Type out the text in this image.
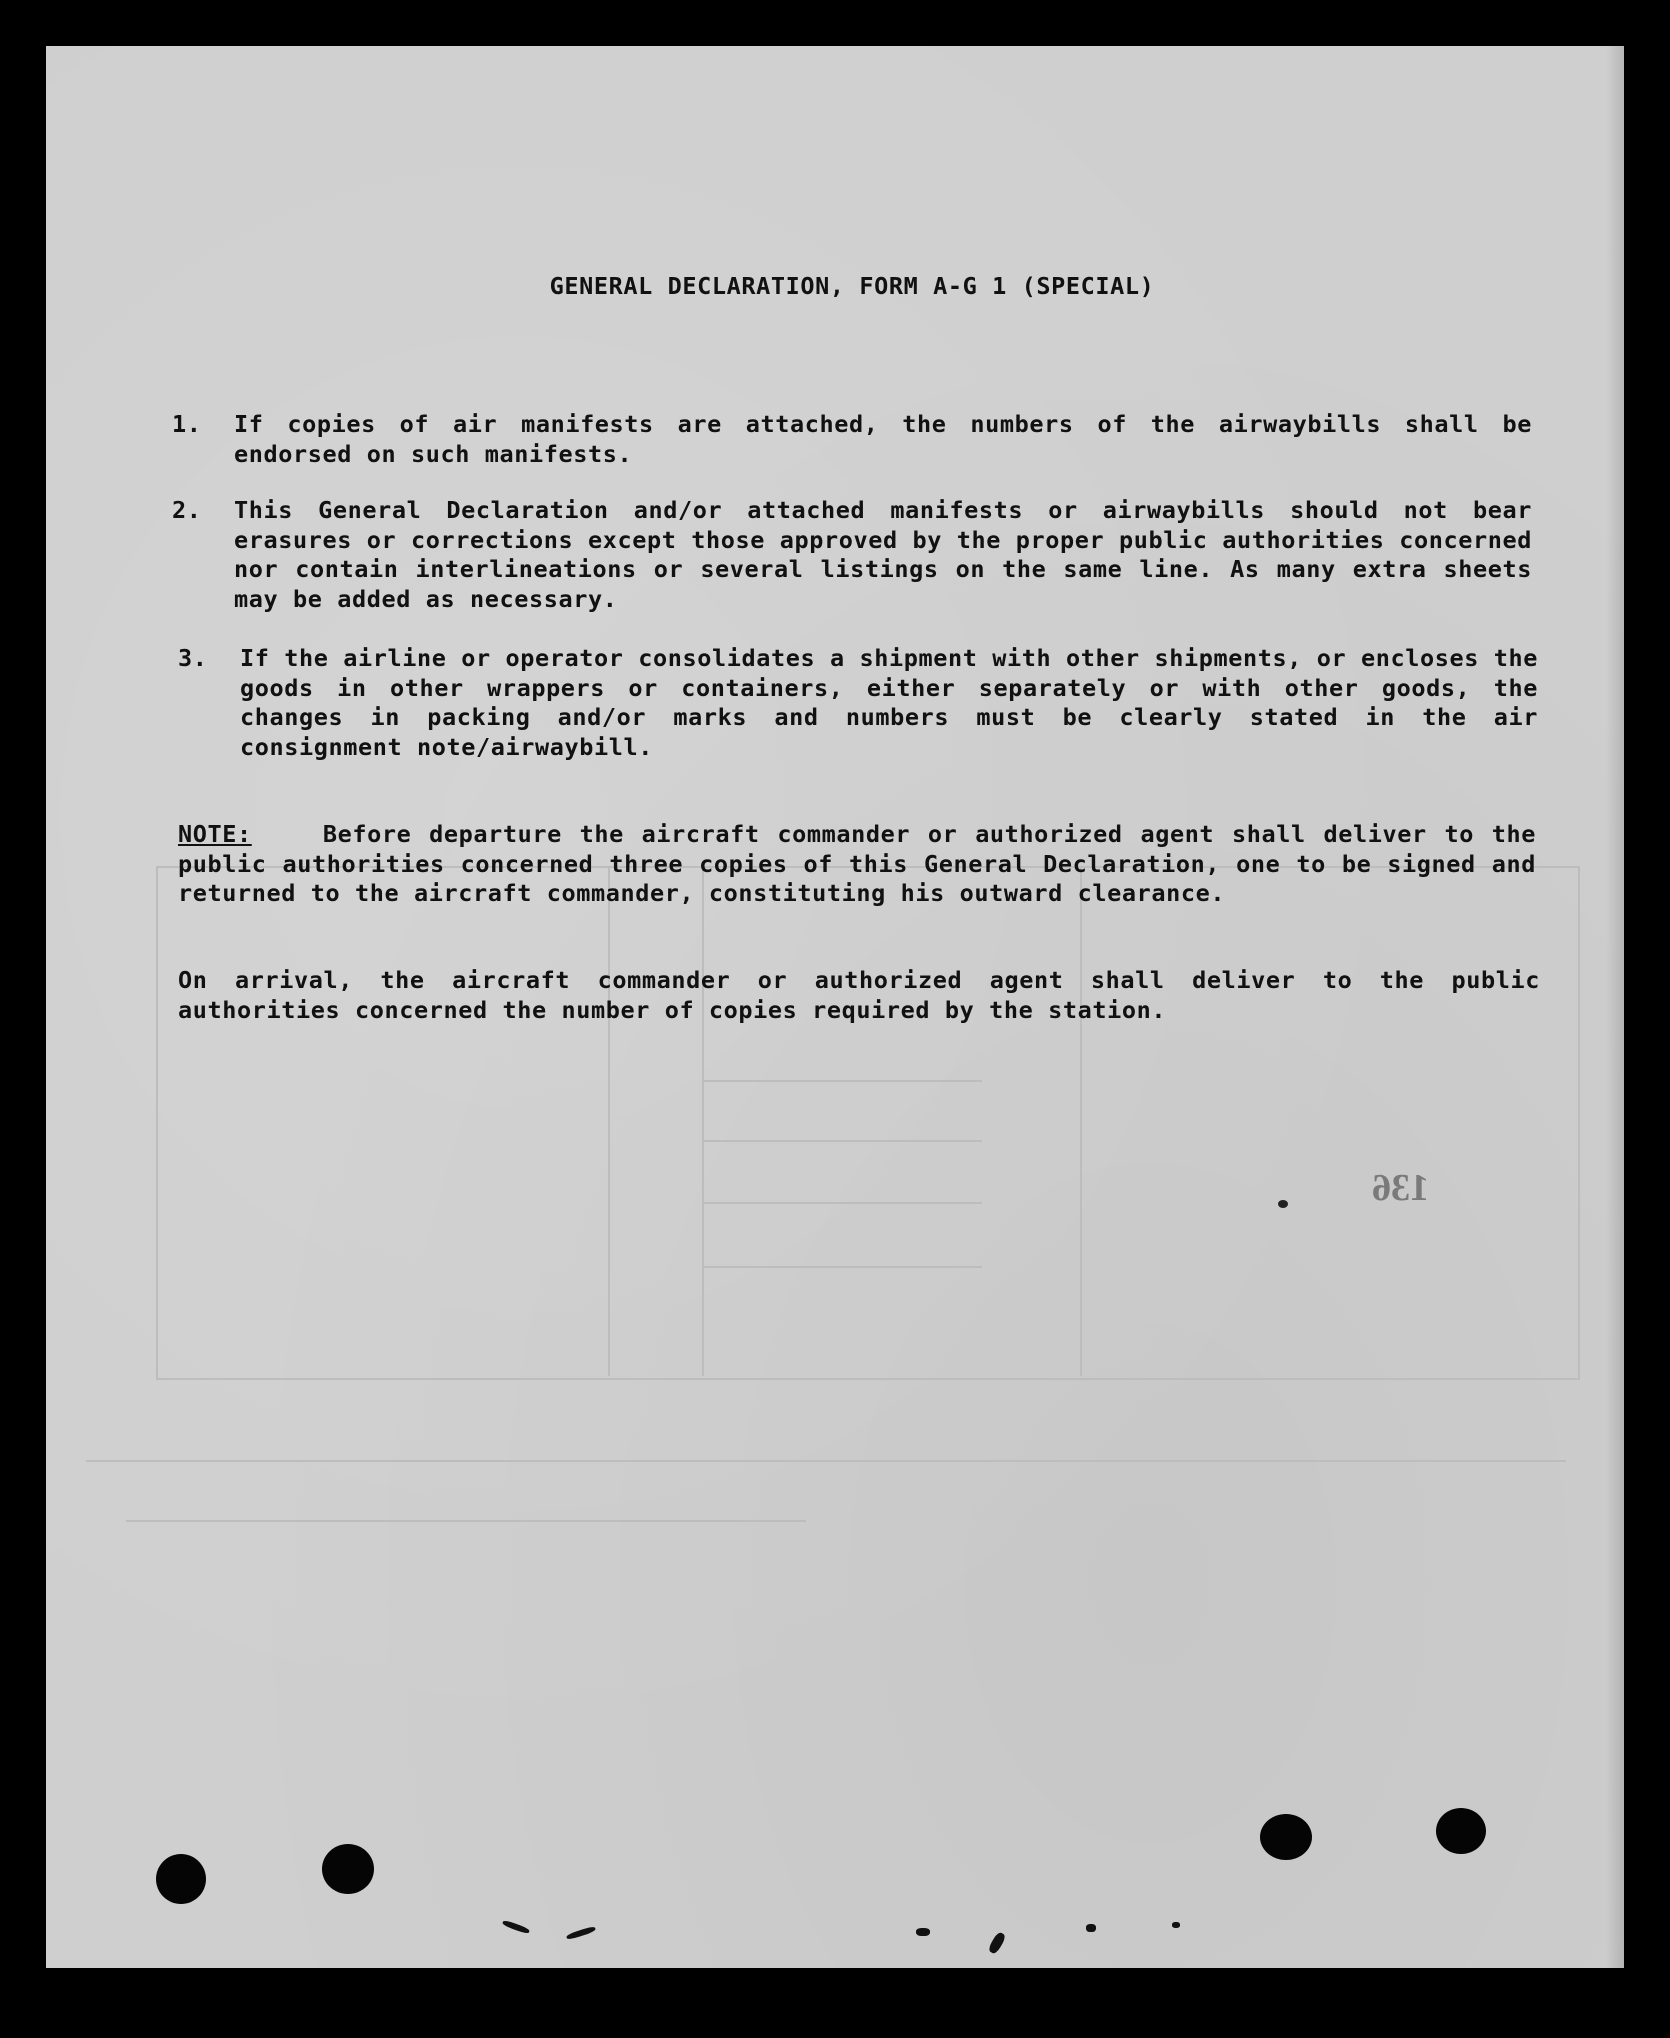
GENERAL DECLARATION, FORM A-G 1 (SPECIAL)
1.	If copies of air manifests are attached, the numbers of the airwaybills shall be endorsed on such manifests.
2.	This General Declaration and/or attached manifests or airwaybills should not bear erasures or corrections except those approved by the proper public authorities concerned nor contain interlineations or several listings on the same line. As many extra sheets may be added as necessary.
3.	If the airline or operator consolidates a shipment with other shipments, or encloses the goods in other wrappers or containers, either separately or with other goods, the changes in packing and/or marks and numbers must be clearly stated in the air consignment note/airwaybill.
NOTE:	Before departure the aircraft commander or authorized agent shall deliver to the public authorities concerned three copies of this General Declaration, one to be signed and returned to the aircraft commander, constituting his outward clearance.
On arrival, the aircraft commander or authorized agent shall deliver to the public authorities concerned the number of copies required by the station.
136
